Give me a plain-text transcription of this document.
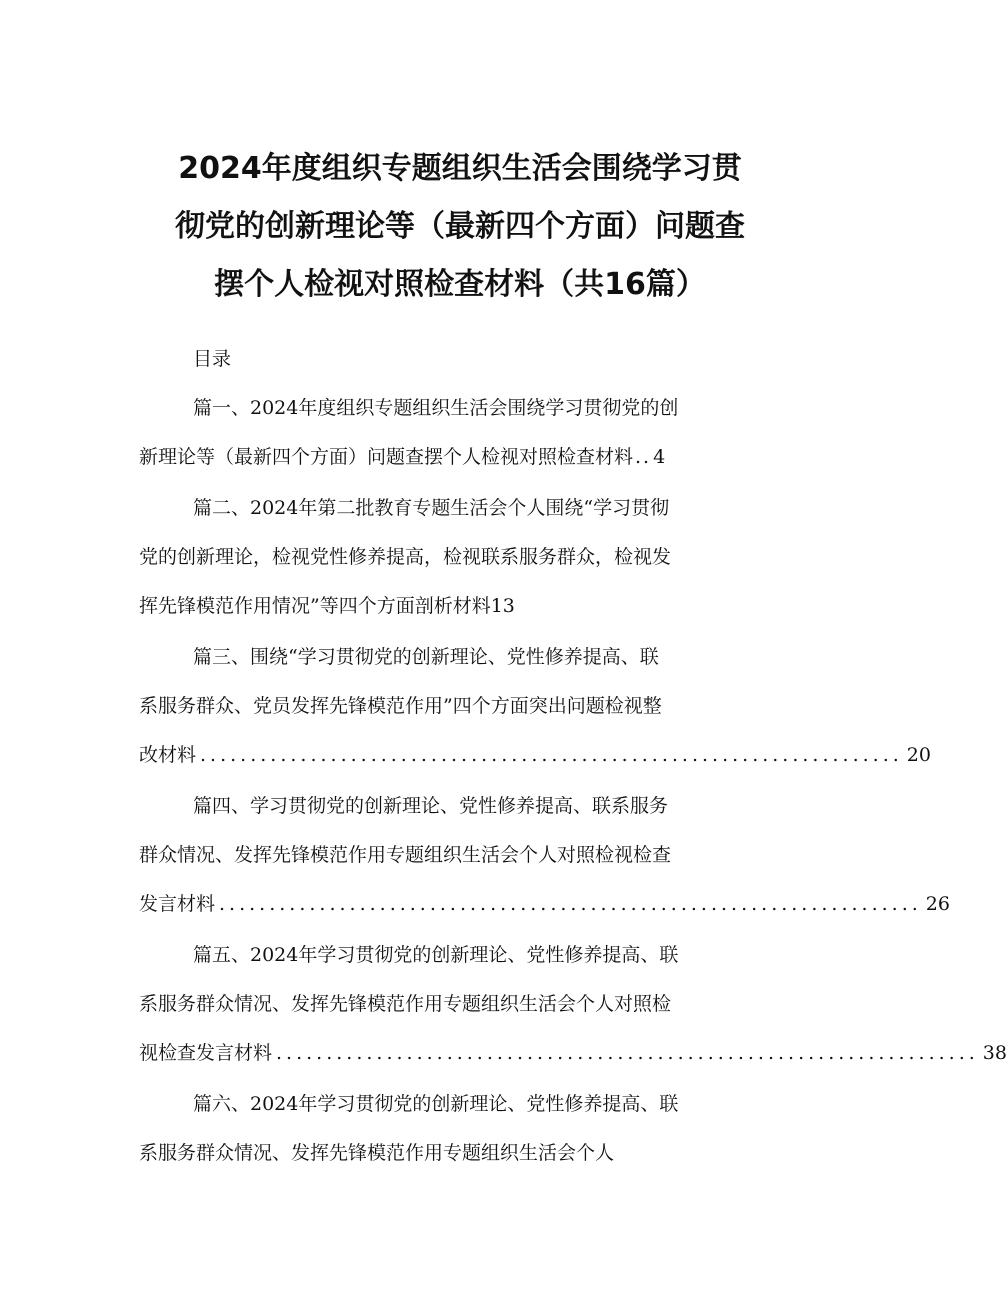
2024年度组织专题组织生活会围绕学习贯
彻党的创新理论等（最新四个方面）问题查
摆个人检视对照检查材料（共16篇）
目录
篇一、2024年度组织专题组织生活会围绕学习贯彻党的创
新理论等（最新四个方面）问题查摆个人检视对照检查材料 .. 4
篇二、2024年第二批教育专题生活会个人围绕“学习贯彻
党的创新理论，检视党性修养提高，检视联系服务群众，检视发
挥先锋模范作用情况”等四个方面剖析材料 13
篇三、围绕“学习贯彻党的创新理论、党性修养提高、联
系服务群众、党员发挥先锋模范作用”四个方面突出问题检视整
改材料 ...................................................................... 20
篇四、学习贯彻党的创新理论、党性修养提高、联系服务
群众情况、发挥先锋模范作用专题组织生活会个人对照检视检查
发言材料 ...................................................................... 26
篇五、2024年学习贯彻党的创新理论、党性修养提高、联
系服务群众情况、发挥先锋模范作用专题组织生活会个人对照检
视检查发言材料 ...................................................................... 38
篇六、2024年学习贯彻党的创新理论、党性修养提高、联
系服务群众情况、发挥先锋模范作用专题组织生活会个人
